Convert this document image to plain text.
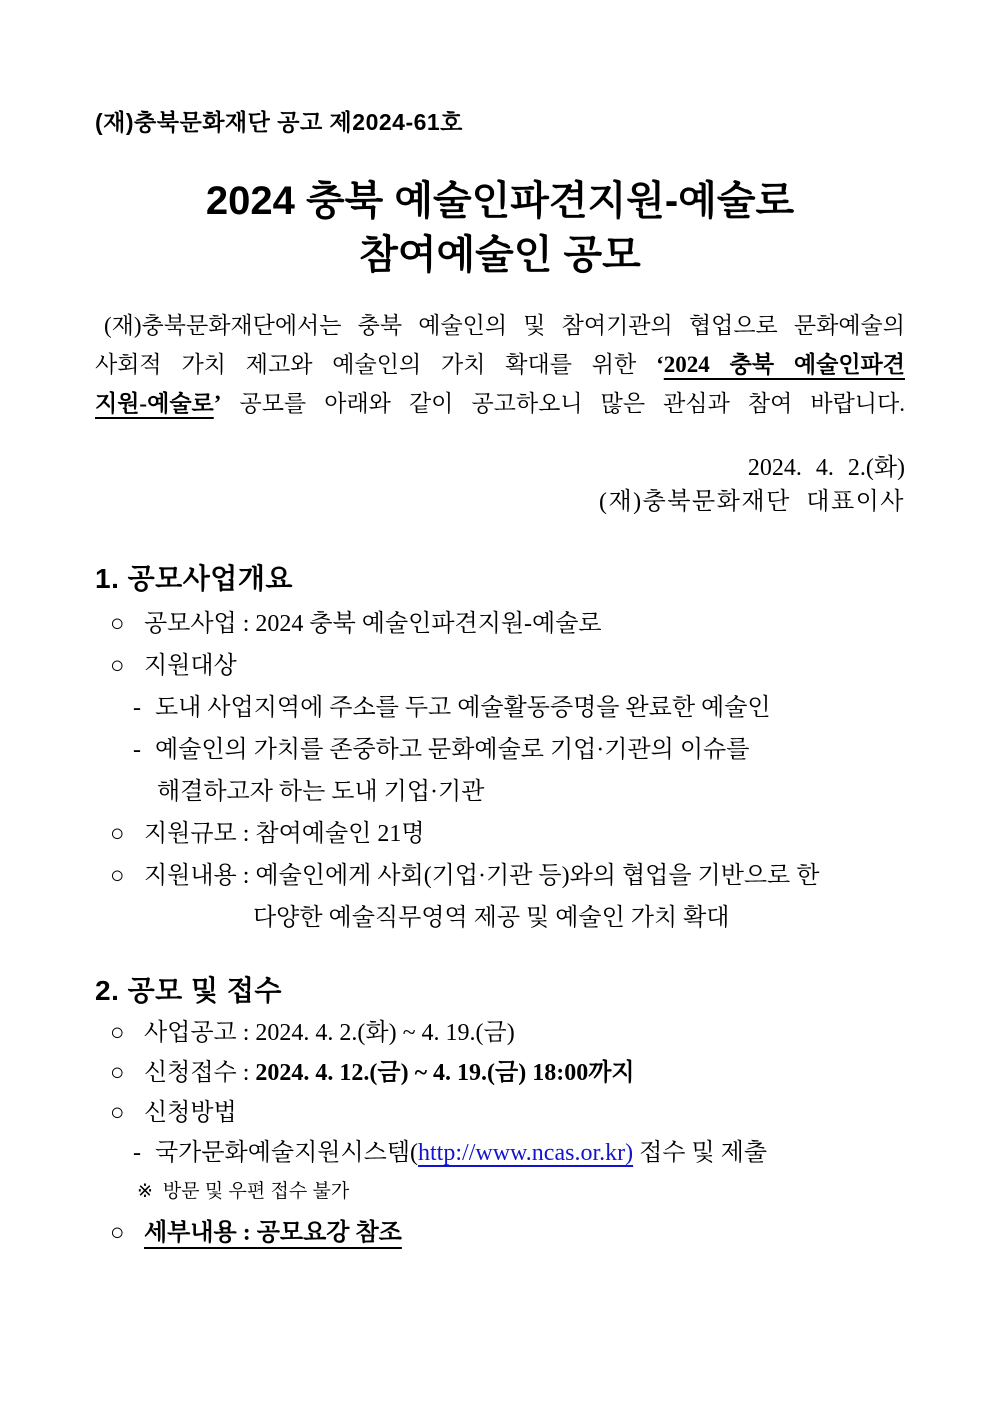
(재)충북문화재단 공고 제2024-61호
2024 충북 예술인파견지원-예술로
참여예술인 공모
(재)충북문화재단에서는 충북 예술인의 및 참여기관의 협업으로 문화예술의
사회적 가치 제고와 예술인의 가치 확대를 위한 ‘2024 충북 예술인파견
지원-예술로’ 공모를 아래와 같이 공고하오니 많은 관심과 참여 바랍니다.
2024. 4. 2.(화)
(재)충북문화재단 대표이사
1. 공모사업개요
○ 공모사업 : 2024 충북 예술인파견지원-예술로
○ 지원대상
- 도내 사업지역에 주소를 두고 예술활동증명을 완료한 예술인
- 예술인의 가치를 존중하고 문화예술로 기업·기관의 이슈를
해결하고자 하는 도내 기업·기관
○ 지원규모 : 참여예술인 21명
○ 지원내용 : 예술인에게 사회(기업·기관 등)와의 협업을 기반으로 한
다양한 예술직무영역 제공 및 예술인 가치 확대
2. 공모 및 접수
○ 사업공고 : 2024. 4. 2.(화) ~ 4. 19.(금)
○ 신청접수 : 2024. 4. 12.(금) ~ 4. 19.(금) 18:00까지
○ 신청방법
- 국가문화예술지원시스템(http://www.ncas.or.kr) 접수 및 제출
※ 방문 및 우편 접수 불가
○ 세부내용 : 공모요강 참조
